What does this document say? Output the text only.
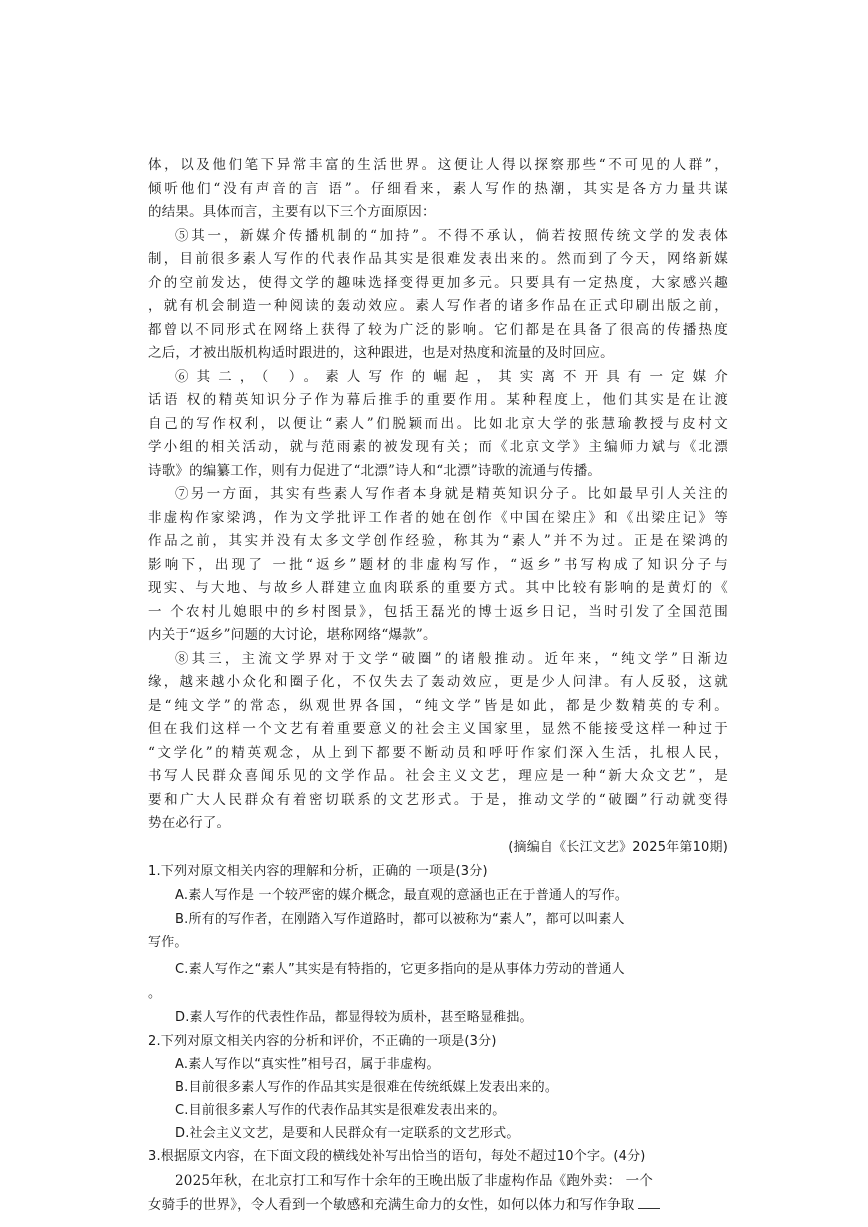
体，以及他们笔下异常丰富的生活世界。这便让人得以探察那些“不可见的人群”，
倾听他们“没有声音的言 语”。仔细看来，素人写作的热潮，其实是各方力量共谋
的结果。具体而言，主要有以下三个方面原因：
⑤其一，新媒介传播机制的“加持”。不得不承认，倘若按照传统文学的发表体
制，目前很多素人写作的代表作品其实是很难发表出来的。然而到了今天，网络新媒
介的空前发达，使得文学的趣味选择变得更加多元。只要具有一定热度，大家感兴趣
，就有机会制造一种阅读的轰动效应。素人写作者的诸多作品在正式印刷出版之前，
都曾以不同形式在网络上获得了较为广泛的影响。它们都是在具备了很高的传播热度
之后，才被出版机构适时跟进的，这种跟进，也是对热度和流量的及时回应。
⑥其二，（ ）。素人写作的崛起，其实离不开具有一定媒介
话语 权的精英知识分子作为幕后推手的重要作用。某种程度上，他们其实是在让渡
自己的写作权利，以便让“素人”们脱颖而出。比如北京大学的张慧瑜教授与皮村文
学小组的相关活动，就与范雨素的被发现有关；而《北京文学》主编师力斌与《北漂
诗歌》的编纂工作，则有力促进了“北漂”诗人和“北漂”诗歌的流通与传播。
⑦另一方面，其实有些素人写作者本身就是精英知识分子。比如最早引人关注的
非虚构作家梁鸿，作为文学批评工作者的她在创作《中国在梁庄》和《出梁庄记》等
作品之前，其实并没有太多文学创作经验，称其为“素人”并不为过。正是在梁鸿的
影响下，出现了 一批“返乡”题材的非虚构写作，“返乡”书写构成了知识分子与
现实、与大地、与故乡人群建立血肉联系的重要方式。其中比较有影响的是黄灯的《
一 个农村儿媳眼中的乡村图景》，包括王磊光的博士返乡日记，当时引发了全国范围
内关于“返乡”问题的大讨论，堪称网络“爆款”。
⑧其三，主流文学界对于文学“破圈”的诸般推动。近年来，“纯文学”日渐边
缘，越来越小众化和圈子化，不仅失去了轰动效应，更是少人问津。有人反驳，这就
是“纯文学”的常态，纵观世界各国，“纯文学”皆是如此，都是少数精英的专利。
但在我们这样一个文艺有着重要意义的社会主义国家里，显然不能接受这样一种过于
“文学化”的精英观念，从上到下都要不断动员和呼吁作家们深入生活，扎根人民，
书写人民群众喜闻乐见的文学作品。社会主义文艺，理应是一种“新大众文艺”，是
要和广大人民群众有着密切联系的文艺形式。于是，推动文学的“破圈”行动就变得
势在必行了。
(摘编自《长江文艺》2025年第10期)
1.下列对原文相关内容的理解和分析，正确的 一项是(3分)
A.素人写作是 一个较严密的媒介概念，最直观的意涵也正在于普通人的写作。
B.所有的写作者，在刚踏入写作道路时，都可以被称为“素人”，都可以叫素人
写作。
C.素人写作之“素人”其实是有特指的，它更多指向的是从事体力劳动的普通人
。
D.素人写作的代表性作品，都显得较为质朴，甚至略显稚拙。
2.下列对原文相关内容的分析和评价，不正确的一项是(3分)
A.素人写作以“真实性”相号召，属于非虚构。
B.目前很多素人写作的作品其实是很难在传统纸媒上发表出来的。
C.目前很多素人写作的代表作品其实是很难发表出来的。
D.社会主义文艺，是要和人民群众有一定联系的文艺形式。
3.根据原文内容，在下面文段的横线处补写出恰当的语句，每处不超过10个字。(4分)
2025年秋，在北京打工和写作十余年的王晚出版了非虚构作品《跑外卖： 一个
女骑手的世界》，令人看到一个敏感和充满生命力的女性，如何以体力和写作争取
